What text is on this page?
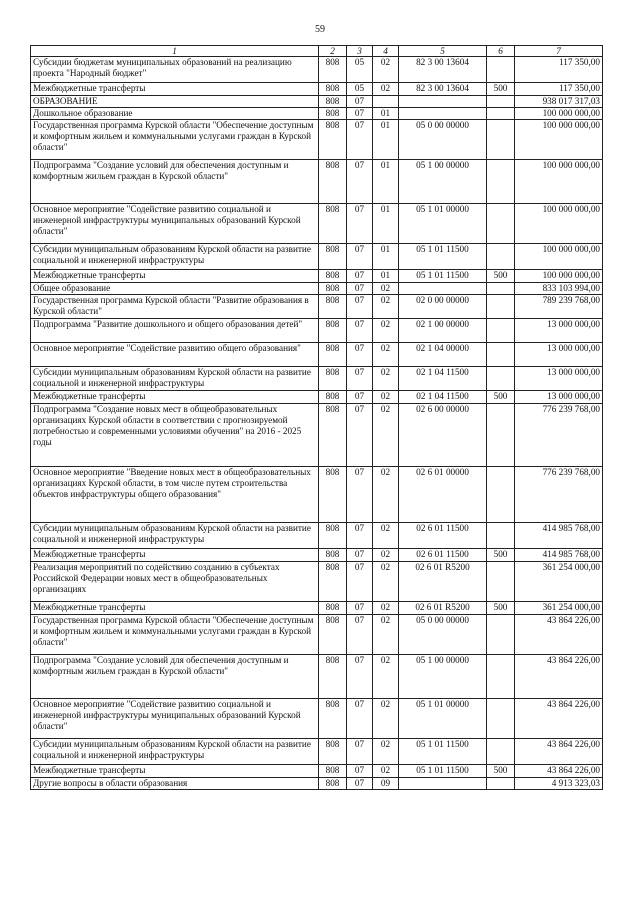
59
1	2	3	4	5	6	7
Субсидии бюджетам муниципальных образований на реализацию проекта "Народный бюджет"	808	05	02	82 3 00 13604		117 350,00
Межбюджетные трансферты	808	05	02	82 3 00 13604	500	117 350,00
ОБРАЗОВАНИЕ	808	07				938 017 317,03
Дошкольное образование	808	07	01			100 000 000,00
Государственная программа Курской области "Обеспечение доступным и комфортным жильем и коммунальными услугами граждан в Курской области"	808	07	01	05 0 00 00000		100 000 000,00
Подпрограмма "Создание условий для обеспечения доступным и комфортным жильем граждан в Курской области"	808	07	01	05 1 00 00000		100 000 000,00
Основное мероприятие "Содействие развитию социальной и инженерной инфраструктуры муниципальных образований Курской области"	808	07	01	05 1 01 00000		100 000 000,00
Субсидии муниципальным образованиям Курской области на развитие социальной и инженерной инфраструктуры	808	07	01	05 1 01 11500		100 000 000,00
Межбюджетные трансферты	808	07	01	05 1 01 11500	500	100 000 000,00
Общее образование	808	07	02			833 103 994,00
Государственная программа Курской области "Развитие образования в Курской области"	808	07	02	02 0 00 00000		789 239 768,00
Подпрограмма "Развитие дошкольного и общего образования детей"	808	07	02	02 1 00 00000		13 000 000,00
Основное мероприятие "Содействие развитию общего образования"	808	07	02	02 1 04 00000		13 000 000,00
Субсидии муниципальным образованиям Курской области на развитие социальной и инженерной инфраструктуры	808	07	02	02 1 04 11500		13 000 000,00
Межбюджетные трансферты	808	07	02	02 1 04 11500	500	13 000 000,00
Подпрограмма "Создание новых мест в общеобразовательных организациях Курской области в соответствии с прогнозируемой потребностью и современными условиями обучения" на 2016 - 2025 годы	808	07	02	02 6 00 00000		776 239 768,00
Основное мероприятие "Введение новых мест в общеобразовательных организациях Курской области, в том числе путем строительства объектов инфраструктуры общего образования"	808	07	02	02 6 01 00000		776 239 768,00
Субсидии муниципальным образованиям Курской области на развитие социальной и инженерной инфраструктуры	808	07	02	02 6 01 11500		414 985 768,00
Межбюджетные трансферты	808	07	02	02 6 01 11500	500	414 985 768,00
Реализация мероприятий по содействию созданию в субъектах Российской Федерации новых мест в общеобразовательных организациях	808	07	02	02 6 01 R5200		361 254 000,00
Межбюджетные трансферты	808	07	02	02 6 01 R5200	500	361 254 000,00
Государственная программа Курской области "Обеспечение доступным и комфортным жильем и коммунальными услугами граждан в Курской области"	808	07	02	05 0 00 00000		43 864 226,00
Подпрограмма "Создание условий для обеспечения доступным и комфортным жильем граждан в Курской области"	808	07	02	05 1 00 00000		43 864 226,00
Основное мероприятие "Содействие развитию социальной и инженерной инфраструктуры муниципальных образований Курской области"	808	07	02	05 1 01 00000		43 864 226,00
Субсидии муниципальным образованиям Курской области на развитие социальной и инженерной инфраструктуры	808	07	02	05 1 01 11500		43 864 226,00
Межбюджетные трансферты	808	07	02	05 1 01 11500	500	43 864 226,00
Другие вопросы в области образования	808	07	09			4 913 323,03
